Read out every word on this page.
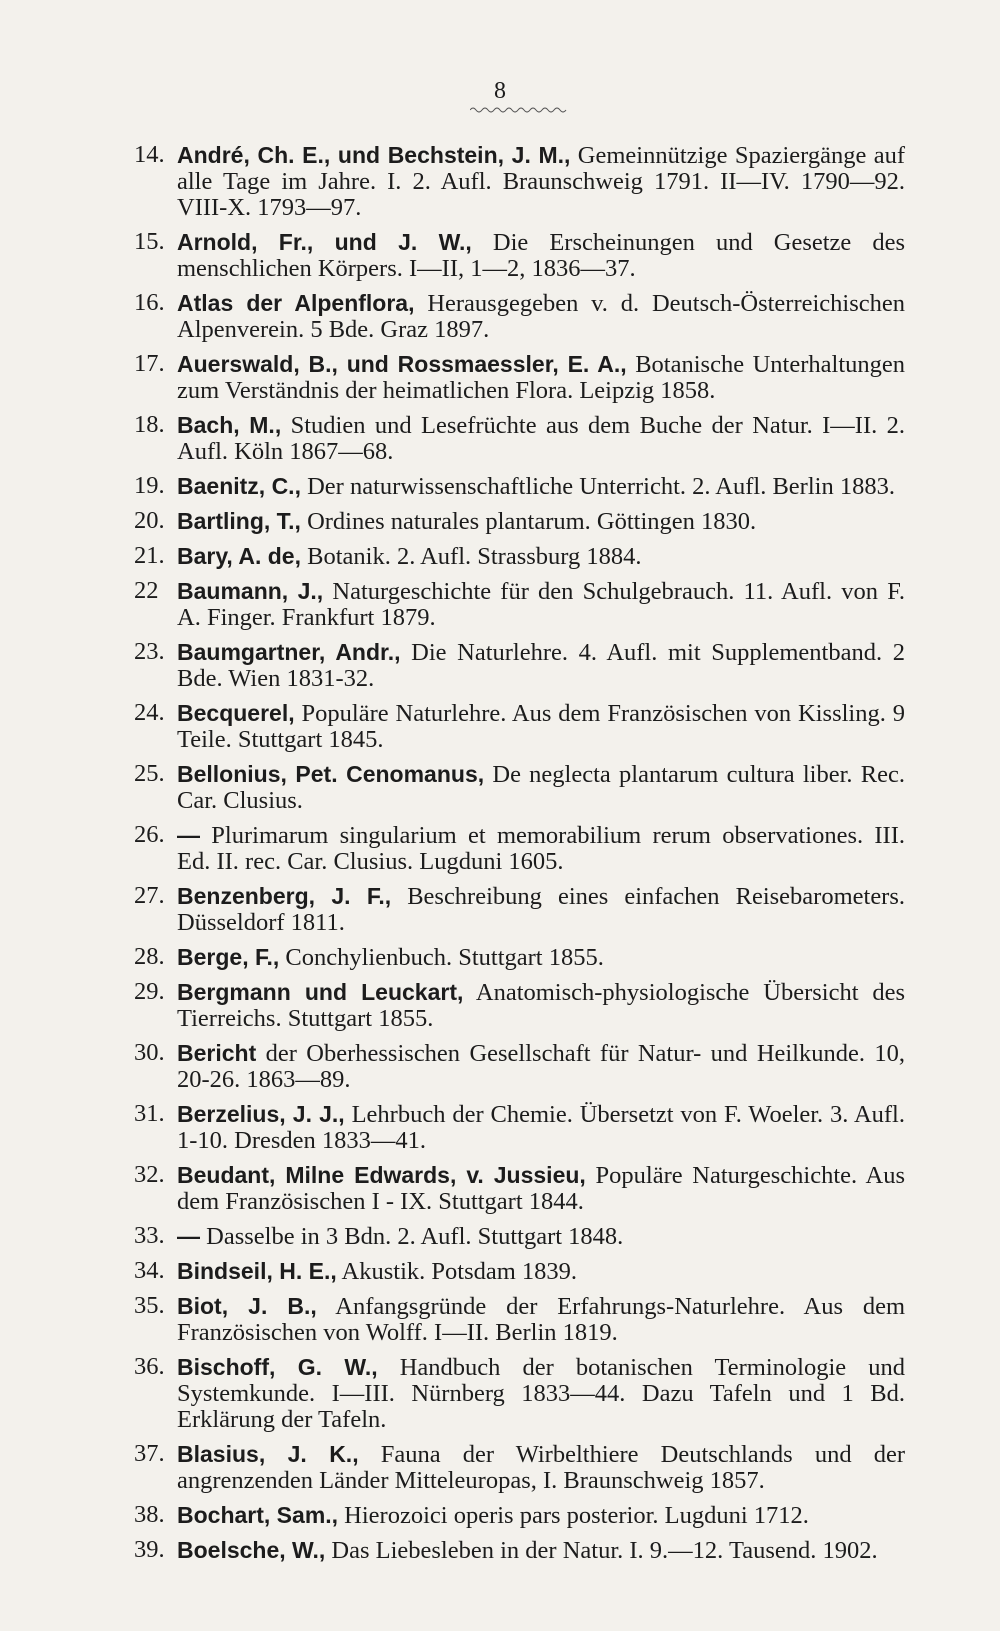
8
14. André, Ch. E., und Bechstein, J. M., Gemeinnützige Spaziergänge auf alle Tage im Jahre. I. 2. Aufl. Braunschweig 1791. II—IV. 1790—92. VIII-X. 1793—97.
15. Arnold, Fr., und J. W., Die Erscheinungen und Gesetze des menschlichen Körpers. I—II, 1—2, 1836—37.
16. Atlas der Alpenflora, Herausgegeben v. d. Deutsch-Österreichischen Alpenverein. 5 Bde. Graz 1897.
17. Auerswald, B., und Rossmaessler, E. A., Botanische Unterhaltungen zum Verständnis der heimatlichen Flora. Leipzig 1858.
18. Bach, M., Studien und Lesefrüchte aus dem Buche der Natur. I—II. 2. Aufl. Köln 1867—68.
19. Baenitz, C., Der naturwissenschaftliche Unterricht. 2. Aufl. Berlin 1883.
20. Bartling, T., Ordines naturales plantarum. Göttingen 1830.
21. Bary, A. de, Botanik. 2. Aufl. Strassburg 1884.
22 Baumann, J., Naturgeschichte für den Schulgebrauch. 11. Aufl. von F. A. Finger. Frankfurt 1879.
23. Baumgartner, Andr., Die Naturlehre. 4. Aufl. mit Supplementband. 2 Bde. Wien 1831-32.
24. Becquerel, Populäre Naturlehre. Aus dem Französischen von Kissling. 9 Teile. Stuttgart 1845.
25. Bellonius, Pet. Cenomanus, De neglecta plantarum cultura liber. Rec. Car. Clusius.
26. — Plurimarum singularium et memorabilium rerum observationes. III. Ed. II. rec. Car. Clusius. Lugduni 1605.
27. Benzenberg, J. F., Beschreibung eines einfachen Reisebarometers. Düsseldorf 1811.
28. Berge, F., Conchylienbuch. Stuttgart 1855.
29. Bergmann und Leuckart, Anatomisch-physiologische Übersicht des Tierreichs. Stuttgart 1855.
30. Bericht der Oberhessischen Gesellschaft für Natur- und Heilkunde. 10, 20-26. 1863—89.
31. Berzelius, J. J., Lehrbuch der Chemie. Übersetzt von F. Woeler. 3. Aufl. 1-10. Dresden 1833—41.
32. Beudant, Milne Edwards, v. Jussieu, Populäre Naturgeschichte. Aus dem Französischen I - IX. Stuttgart 1844.
33. — Dasselbe in 3 Bdn. 2. Aufl. Stuttgart 1848.
34. Bindseil, H. E., Akustik. Potsdam 1839.
35. Biot, J. B., Anfangsgründe der Erfahrungs-Naturlehre. Aus dem Französischen von Wolff. I—II. Berlin 1819.
36. Bischoff, G. W., Handbuch der botanischen Terminologie und Systemkunde. I—III. Nürnberg 1833—44. Dazu Tafeln und 1 Bd. Erklärung der Tafeln.
37. Blasius, J. K., Fauna der Wirbelthiere Deutschlands und der angrenzenden Länder Mitteleuropas, I. Braunschweig 1857.
38. Bochart, Sam., Hierozoici operis pars posterior. Lugduni 1712.
39. Boelsche, W., Das Liebesleben in der Natur. I. 9.—12. Tausend. 1902.
